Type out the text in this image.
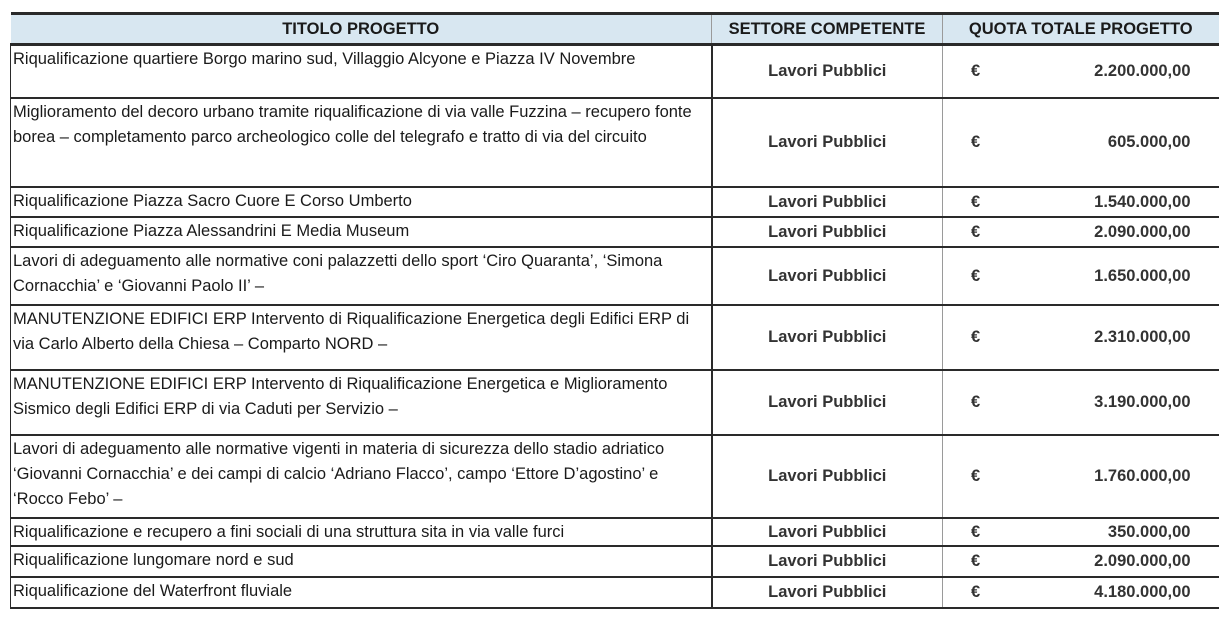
TITOLO PROGETTO	SETTORE COMPETENTE	QUOTA TOTALE PROGETTO
Riqualificazione quartiere Borgo marino sud, Villaggio Alcyone e Piazza IV Novembre	Lavori Pubblici	€ 2.200.000,00

Miglioramento del decoro urbano tramite riqualificazione di via valle Fuzzina – recupero fonte borea – completamento parco archeologico colle del telegrafo e tratto di via del circuito	Lavori Pubblici	€ 605.000,00

Riqualificazione Piazza Sacro Cuore E Corso Umberto	Lavori Pubblici	€ 1.540.000,00

Riqualificazione Piazza Alessandrini E Media Museum	Lavori Pubblici	€ 2.090.000,00

Lavori di adeguamento alle normative coni palazzetti dello sport ‘Ciro Quaranta’, ‘Simona Cornacchia’ e ‘Giovanni Paolo II’ –	Lavori Pubblici	€ 1.650.000,00

MANUTENZIONE EDIFICI ERP Intervento di Riqualificazione Energetica degli Edifici ERP di via Carlo Alberto della Chiesa – Comparto NORD –	Lavori Pubblici	€ 2.310.000,00

MANUTENZIONE EDIFICI ERP Intervento di Riqualificazione Energetica e Miglioramento Sismico degli Edifici ERP di via Caduti per Servizio –	Lavori Pubblici	€ 3.190.000,00

Lavori di adeguamento alle normative vigenti in materia di sicurezza dello stadio adriatico ‘Giovanni Cornacchia’ e dei campi di calcio ‘Adriano Flacco’, campo ‘Ettore D’agostino’ e ‘Rocco Febo’ –	Lavori Pubblici	€ 1.760.000,00

Riqualificazione e recupero a fini sociali di una struttura sita in via valle furci	Lavori Pubblici	€ 350.000,00

Riqualificazione lungomare nord e sud	Lavori Pubblici	€ 2.090.000,00

Riqualificazione del Waterfront fluviale	Lavori Pubblici	€ 4.180.000,00
